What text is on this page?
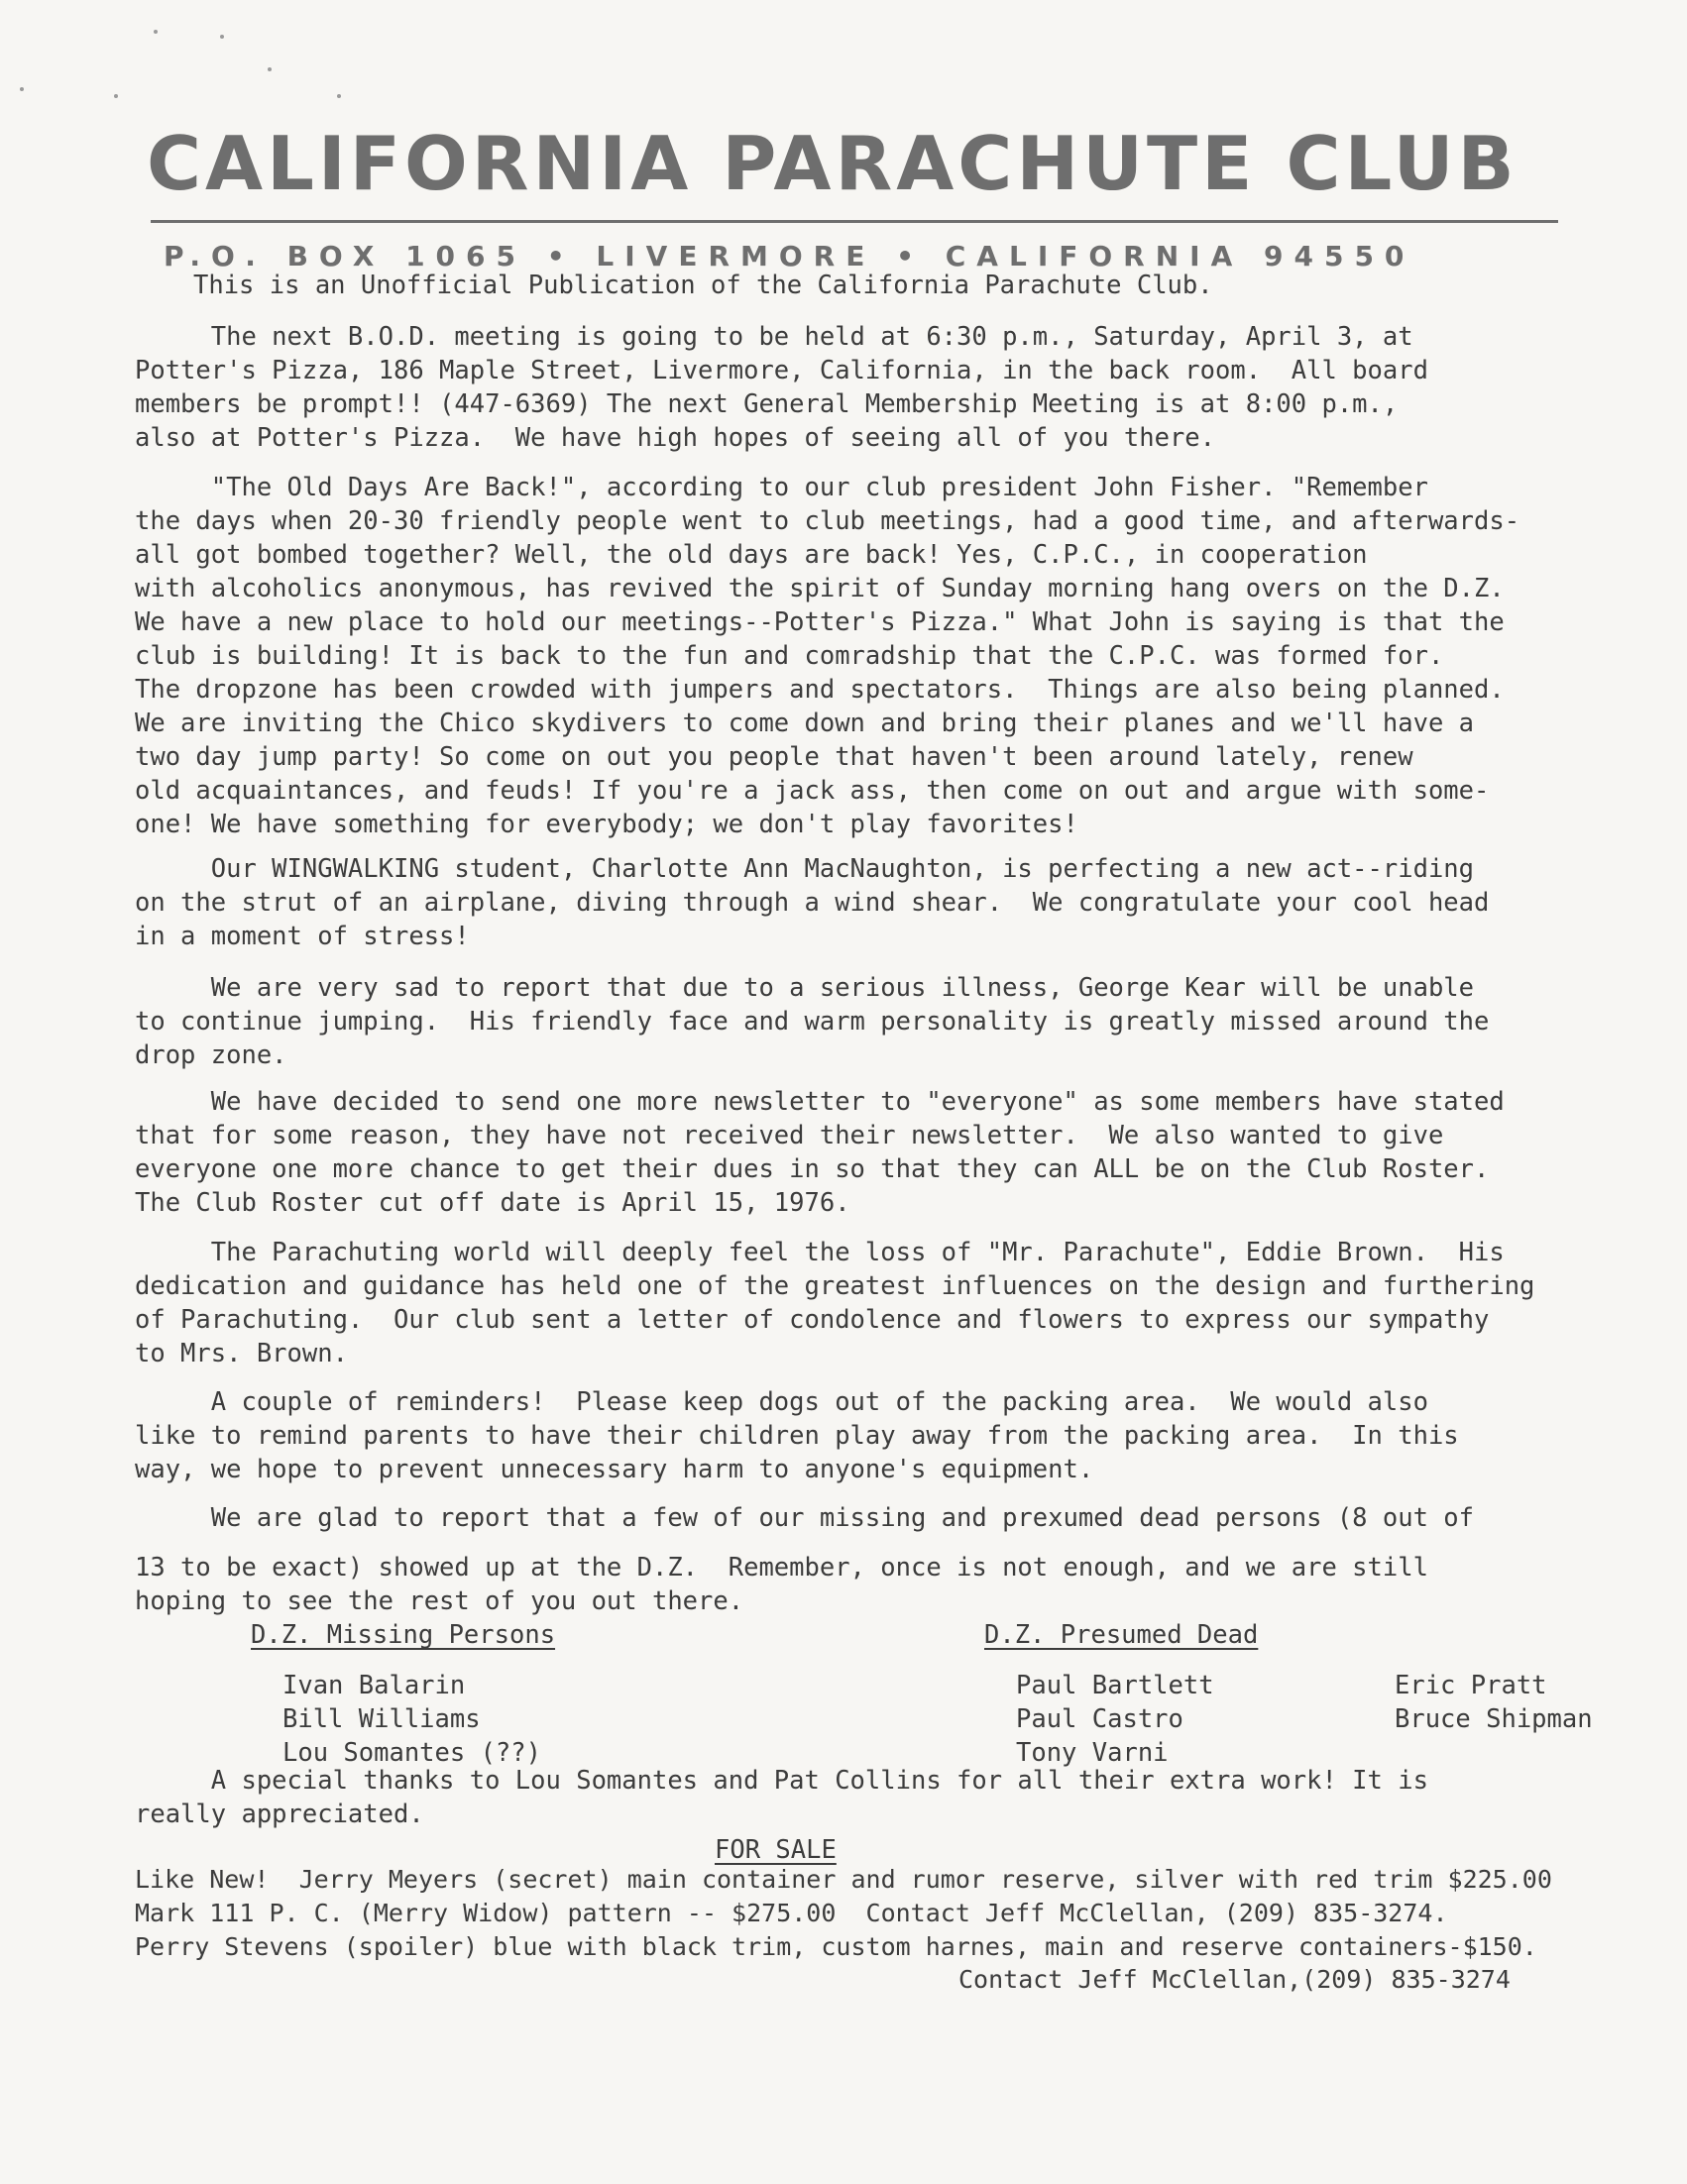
CALIFORNIA PARACHUTE CLUB
P.O. BOX 1065 • LIVERMORE • CALIFORNIA 94550
This is an Unofficial Publication of the California Parachute Club.
The next B.O.D. meeting is going to be held at 6:30 p.m., Saturday, April 3, at
Potter's Pizza, 186 Maple Street, Livermore, California, in the back room.  All board
members be prompt!! (447-6369) The next General Membership Meeting is at 8:00 p.m.,
also at Potter's Pizza.  We have high hopes of seeing all of you there.
"The Old Days Are Back!", according to our club president John Fisher. "Remember
the days when 20-30 friendly people went to club meetings, had a good time, and afterwards-
all got bombed together? Well, the old days are back! Yes, C.P.C., in cooperation
with alcoholics anonymous, has revived the spirit of Sunday morning hang overs on the D.Z.
We have a new place to hold our meetings--Potter's Pizza." What John is saying is that the
club is building! It is back to the fun and comradship that the C.P.C. was formed for.
The dropzone has been crowded with jumpers and spectators.  Things are also being planned.
We are inviting the Chico skydivers to come down and bring their planes and we'll have a
two day jump party! So come on out you people that haven't been around lately, renew
old acquaintances, and feuds! If you're a jack ass, then come on out and argue with some-
one! We have something for everybody; we don't play favorites!
Our WINGWALKING student, Charlotte Ann MacNaughton, is perfecting a new act--riding
on the strut of an airplane, diving through a wind shear.  We congratulate your cool head
in a moment of stress!
We are very sad to report that due to a serious illness, George Kear will be unable
to continue jumping.  His friendly face and warm personality is greatly missed around the
drop zone.
We have decided to send one more newsletter to "everyone" as some members have stated
that for some reason, they have not received their newsletter.  We also wanted to give
everyone one more chance to get their dues in so that they can ALL be on the Club Roster.
The Club Roster cut off date is April 15, 1976.
The Parachuting world will deeply feel the loss of "Mr. Parachute", Eddie Brown.  His
dedication and guidance has held one of the greatest influences on the design and furthering
of Parachuting.  Our club sent a letter of condolence and flowers to express our sympathy
to Mrs. Brown.
A couple of reminders!  Please keep dogs out of the packing area.  We would also
like to remind parents to have their children play away from the packing area.  In this
way, we hope to prevent unnecessary harm to anyone's equipment.
We are glad to report that a few of our missing and prexumed dead persons (8 out of
13 to be exact) showed up at the D.Z.  Remember, once is not enough, and we are still
hoping to see the rest of you out there.
D.Z. Missing Persons
Ivan Balarin
Bill Williams
Lou Somantes (??)
D.Z. Presumed Dead
Paul Bartlett
Paul Castro
Tony Varni
Eric Pratt
Bruce Shipman
A special thanks to Lou Somantes and Pat Collins for all their extra work! It is
really appreciated.
FOR SALE
Like New!  Jerry Meyers (secret) main container and rumor reserve, silver with red trim $225.00
Mark 111 P. C. (Merry Widow) pattern -- $275.00  Contact Jeff McClellan, (209) 835-3274.
Perry Stevens (spoiler) blue with black trim, custom harnes, main and reserve containers-$150.
Contact Jeff McClellan,(209) 835-3274
